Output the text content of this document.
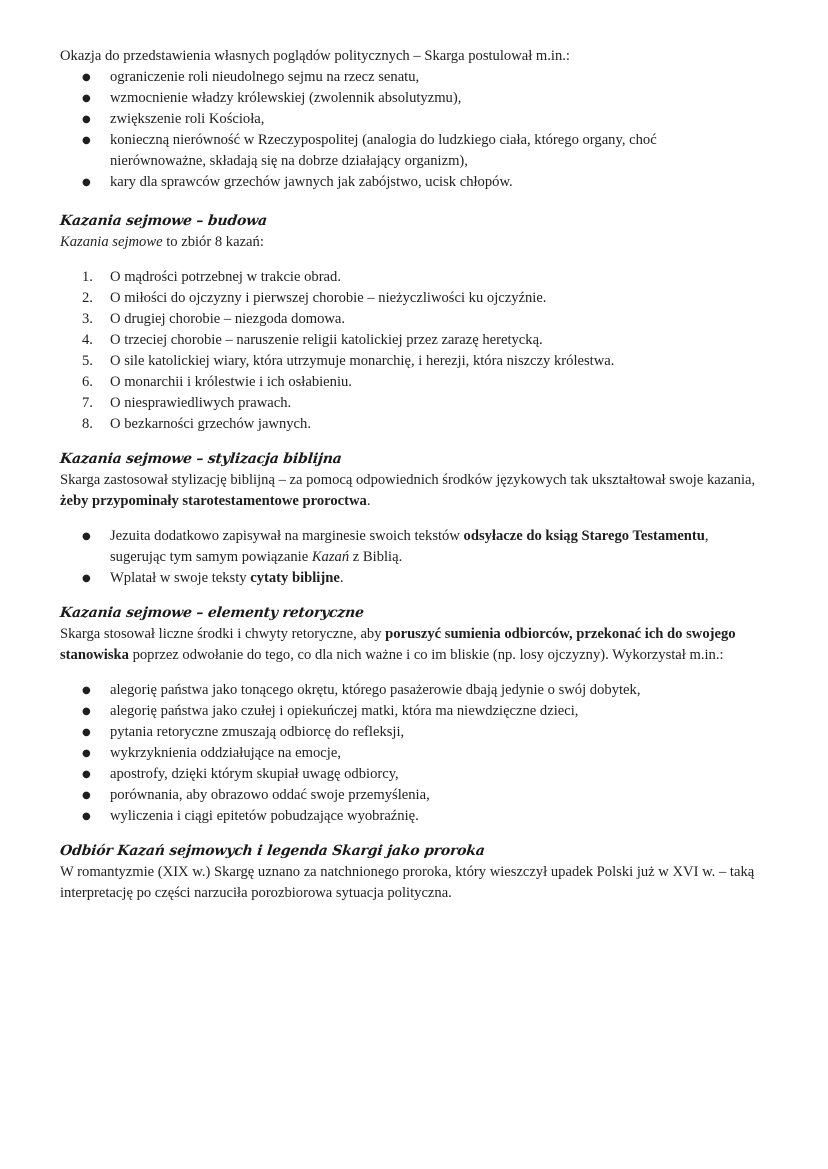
Okazja do przedstawienia własnych poglądów politycznych – Skarga postulował m.in.:

● ograniczenie roli nieudolnego sejmu na rzecz senatu,
● wzmocnienie władzy królewskiej (zwolennik absolutyzmu),
● zwiększenie roli Kościoła,
● konieczną nierówność w Rzeczypospolitej (analogia do ludzkiego ciała, którego organy, choć nierównoważne, składają się na dobrze działający organizm),
● kary dla sprawców grzechów jawnych jak zabójstwo, ucisk chłopów.
Kazania sejmowe – budowa

Kazania sejmowe to zbiór 8 kazań:

1. O mądrości potrzebnej w trakcie obrad.
2. O miłości do ojczyzny i pierwszej chorobie – nieżyczliwości ku ojczyźnie.
3. O drugiej chorobie – niezgoda domowa.
4. O trzeciej chorobie – naruszenie religii katolickiej przez zarazę heretycką.
5. O sile katolickiej wiary, która utrzymuje monarchię, i herezji, która niszczy królestwa.
6. O monarchii i królestwie i ich osłabieniu.
7. O niesprawiedliwych prawach.
8. O bezkarności grzechów jawnych.
Kazania sejmowe – stylizacja biblijna

Skarga zastosował stylizację biblijną – za pomocą odpowiednich środków językowych tak ukształtował swoje kazania, żeby przypominały starotestamentowe proroctwa.

● Jezuita dodatkowo zapisywał na marginesie swoich tekstów odsyłacze do ksiąg Starego Testamentu, sugerując tym samym powiązanie Kazań z Biblią.
● Wplatał w swoje teksty cytaty biblijne.
Kazania sejmowe – elementy retoryczne

Skarga stosował liczne środki i chwyty retoryczne, aby poruszyć sumienia odbiorców, przekonać ich do swojego stanowiska poprzez odwołanie do tego, co dla nich ważne i co im bliskie (np. losy ojczyzny). Wykorzystał m.in.:

● alegorię państwa jako tonącego okrętu, którego pasażerowie dbają jedynie o swój dobytek,
● alegorię państwa jako czułej i opiekuńczej matki, która ma niewdzięczne dzieci,
● pytania retoryczne zmuszają odbiorcę do refleksji,
● wykrzyknienia oddziałujące na emocje,
● apostrofy, dzięki którym skupiał uwagę odbiorcy,
● porównania, aby obrazowo oddać swoje przemyślenia,
● wyliczenia i ciągi epitetów pobudzające wyobraźnię.
Odbiór Kazań sejmowych i legenda Skargi jako proroka

W romantyzmie (XIX w.) Skargę uznano za natchnionego proroka, który wieszczył upadek Polski już w XVI w. – taką interpretację po części narzuciła porozbiorowa sytuacja polityczna.
